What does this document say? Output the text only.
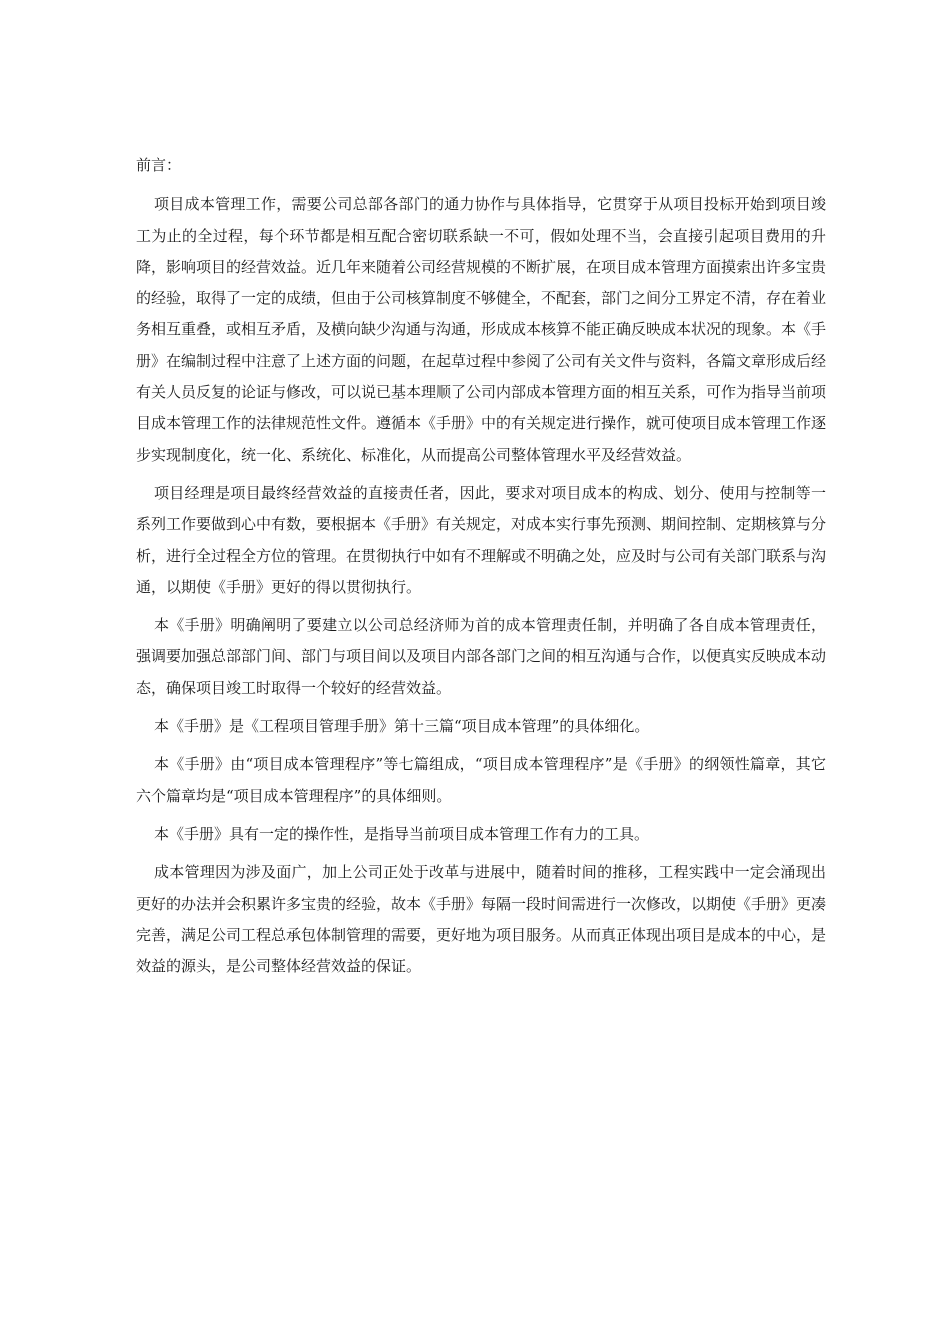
前言：

项目成本管理工作，需要公司总部各部门的通力协作与具体指导，它贯穿于从项目投标开始到项目竣工为止的全过程，每个环节都是相互配合密切联系缺一不可，假如处理不当，会直接引起项目费用的升降，影响项目的经营效益。近几年来随着公司经营规模的不断扩展，在项目成本管理方面摸索出许多宝贵的经验，取得了一定的成绩，但由于公司核算制度不够健全，不配套，部门之间分工界定不清，存在着业务相互重叠，或相互矛盾，及横向缺少沟通与沟通，形成成本核算不能正确反映成本状况的现象。本《手册》在编制过程中注意了上述方面的问题，在起草过程中参阅了公司有关文件与资料，各篇文章形成后经有关人员反复的论证与修改，可以说已基本理顺了公司内部成本管理方面的相互关系，可作为指导当前项目成本管理工作的法律规范性文件。遵循本《手册》中的有关规定进行操作，就可使项目成本管理工作逐步实现制度化，统一化、系统化、标准化，从而提高公司整体管理水平及经营效益。

项目经理是项目最终经营效益的直接责任者，因此，要求对项目成本的构成、划分、使用与控制等一系列工作要做到心中有数，要根据本《手册》有关规定，对成本实行事先预测、期间控制、定期核算与分析，进行全过程全方位的管理。在贯彻执行中如有不理解或不明确之处，应及时与公司有关部门联系与沟通，以期使《手册》更好的得以贯彻执行。

本《手册》明确阐明了要建立以公司总经济师为首的成本管理责任制，并明确了各自成本管理责任，强调要加强总部部门间、部门与项目间以及项目内部各部门之间的相互沟通与合作，以便真实反映成本动态，确保项目竣工时取得一个较好的经营效益。

本《手册》是《工程项目管理手册》第十三篇“项目成本管理”的具体细化。

本《手册》由“项目成本管理程序”等七篇组成，“项目成本管理程序”是《手册》的纲领性篇章，其它六个篇章均是“项目成本管理程序”的具体细则。

本《手册》具有一定的操作性，是指导当前项目成本管理工作有力的工具。

成本管理因为涉及面广，加上公司正处于改革与进展中，随着时间的推移，工程实践中一定会涌现出更好的办法并会积累许多宝贵的经验，故本《手册》每隔一段时间需进行一次修改，以期使《手册》更凑完善，满足公司工程总承包体制管理的需要，更好地为项目服务。从而真正体现出项目是成本的中心，是效益的源头，是公司整体经营效益的保证。
